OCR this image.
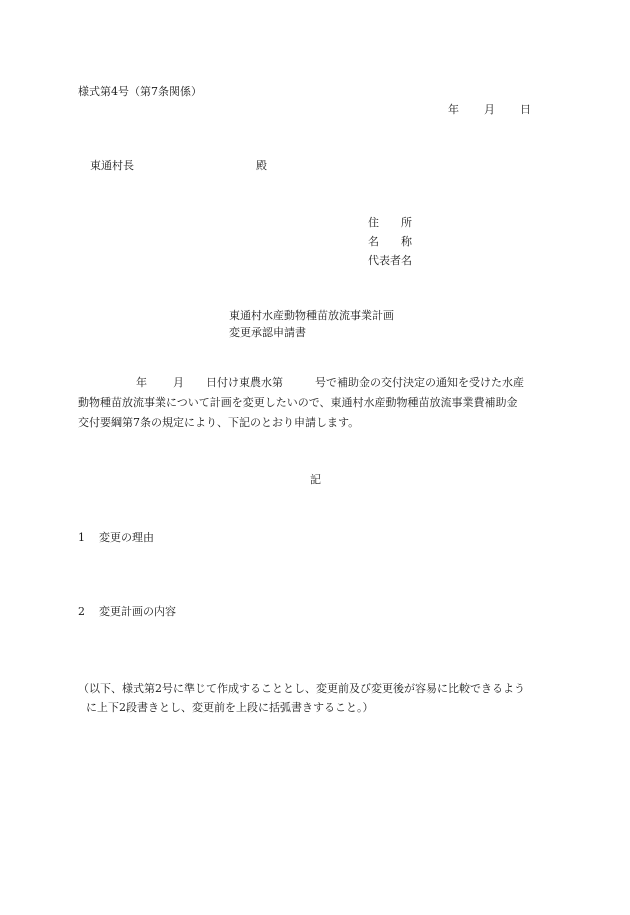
様式第4号（第7条関係）
年 月 日
東通村長	殿
住　　所
名　　称
代表者名
東通村水産動物種苗放流事業計画
変更承認申請書
年 月 日付け東農水第	号で補助金の交付決定の通知を受けた水産
動物種苗放流事業について計画を変更したいので、東通村水産動物種苗放流事業費補助金
交付要綱第7条の規定により、下記のとおり申請します。
記
1 変更の理由
2 変更計画の内容
（以下、様式第2号に準じて作成することとし、変更前及び変更後が容易に比較できるよう
に上下2段書きとし、変更前を上段に括弧書きすること。）
